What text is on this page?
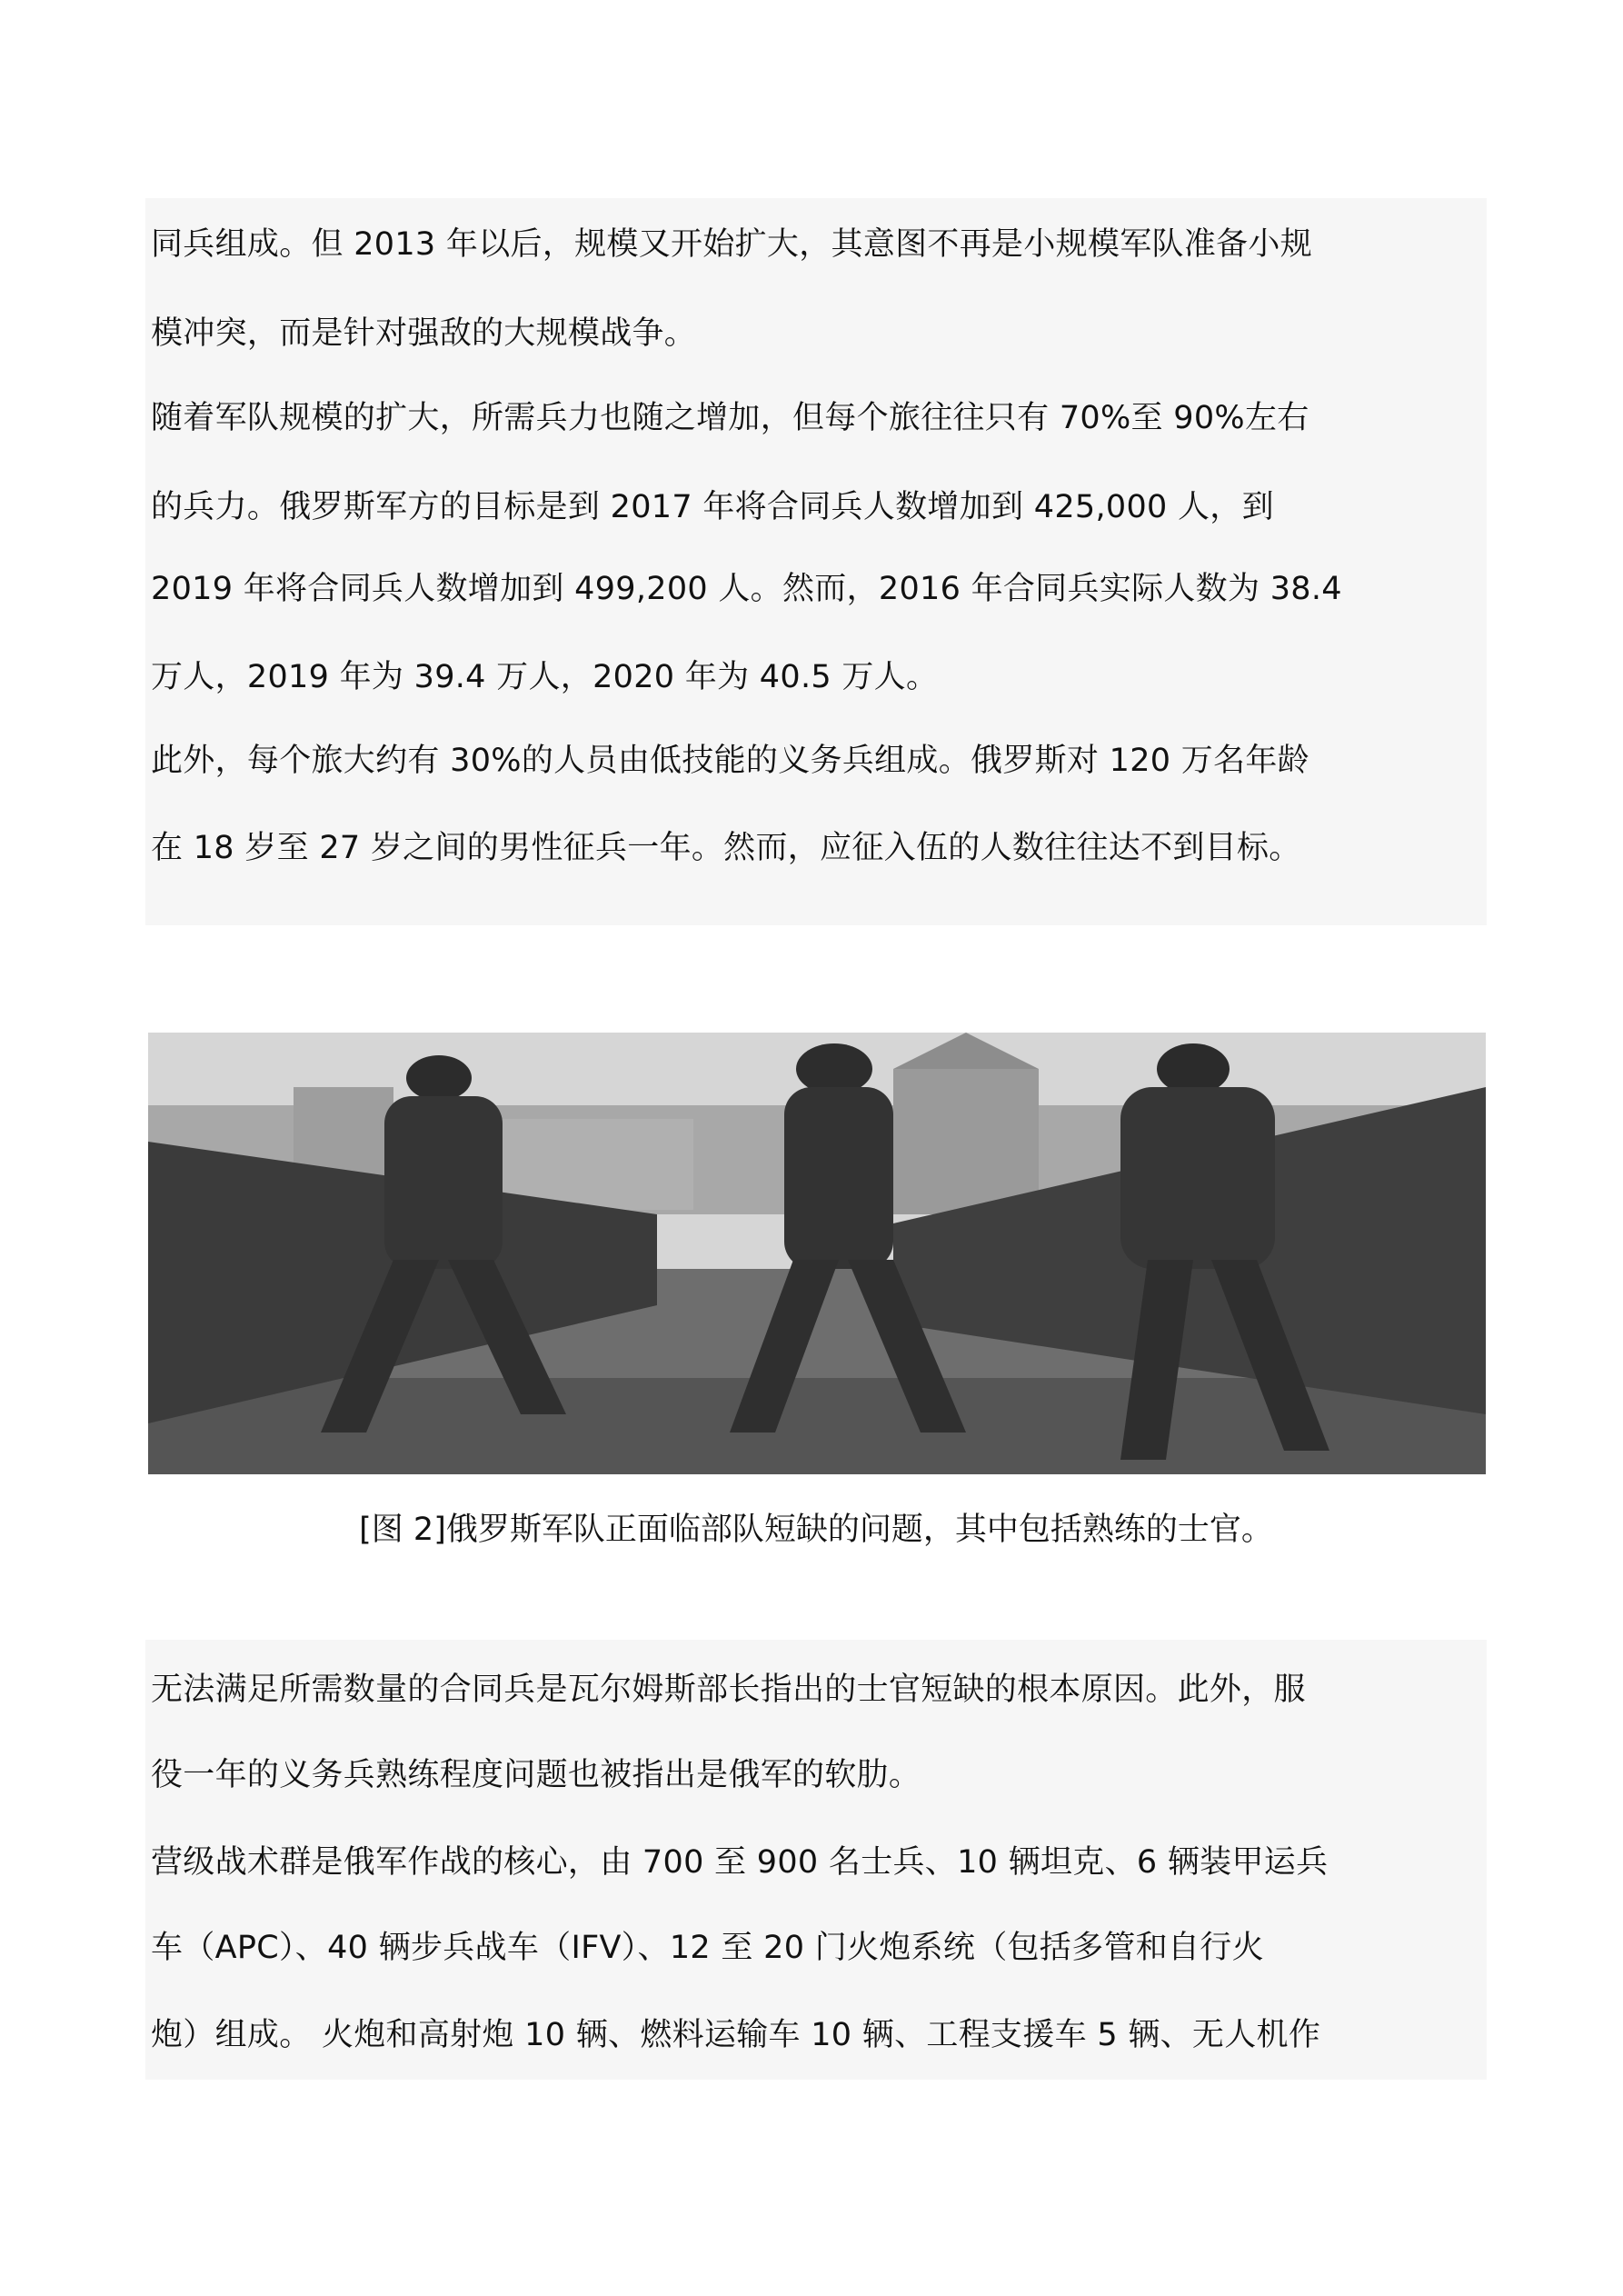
同兵组成。但 2013 年以后，规模又开始扩大，其意图不再是小规模军队准备小规
模冲突，而是针对强敌的大规模战争。
随着军队规模的扩大，所需兵力也随之增加，但每个旅往往只有 70%至 90%左右
的兵力。俄罗斯军方的目标是到 2017 年将合同兵人数增加到 425,000 人，到
2019 年将合同兵人数增加到 499,200 人。然而，2016 年合同兵实际人数为 38.4
万人，2019 年为 39.4 万人，2020 年为 40.5 万人。
此外，每个旅大约有 30%的人员由低技能的义务兵组成。俄罗斯对 120 万名年龄
在 18 岁至 27 岁之间的男性征兵一年。然而，应征入伍的人数往往达不到目标。
[图 2]俄罗斯军队正面临部队短缺的问题，其中包括熟练的士官。
无法满足所需数量的合同兵是瓦尔姆斯部长指出的士官短缺的根本原因。此外，服
役一年的义务兵熟练程度问题也被指出是俄军的软肋。
营级战术群是俄军作战的核心，由 700 至 900 名士兵、10 辆坦克、6 辆装甲运兵
车（APC）、40 辆步兵战车（IFV）、12 至 20 门火炮系统（包括多管和自行火
炮）组成。 火炮和高射炮 10 辆、燃料运输车 10 辆、工程支援车 5 辆、无人机作
